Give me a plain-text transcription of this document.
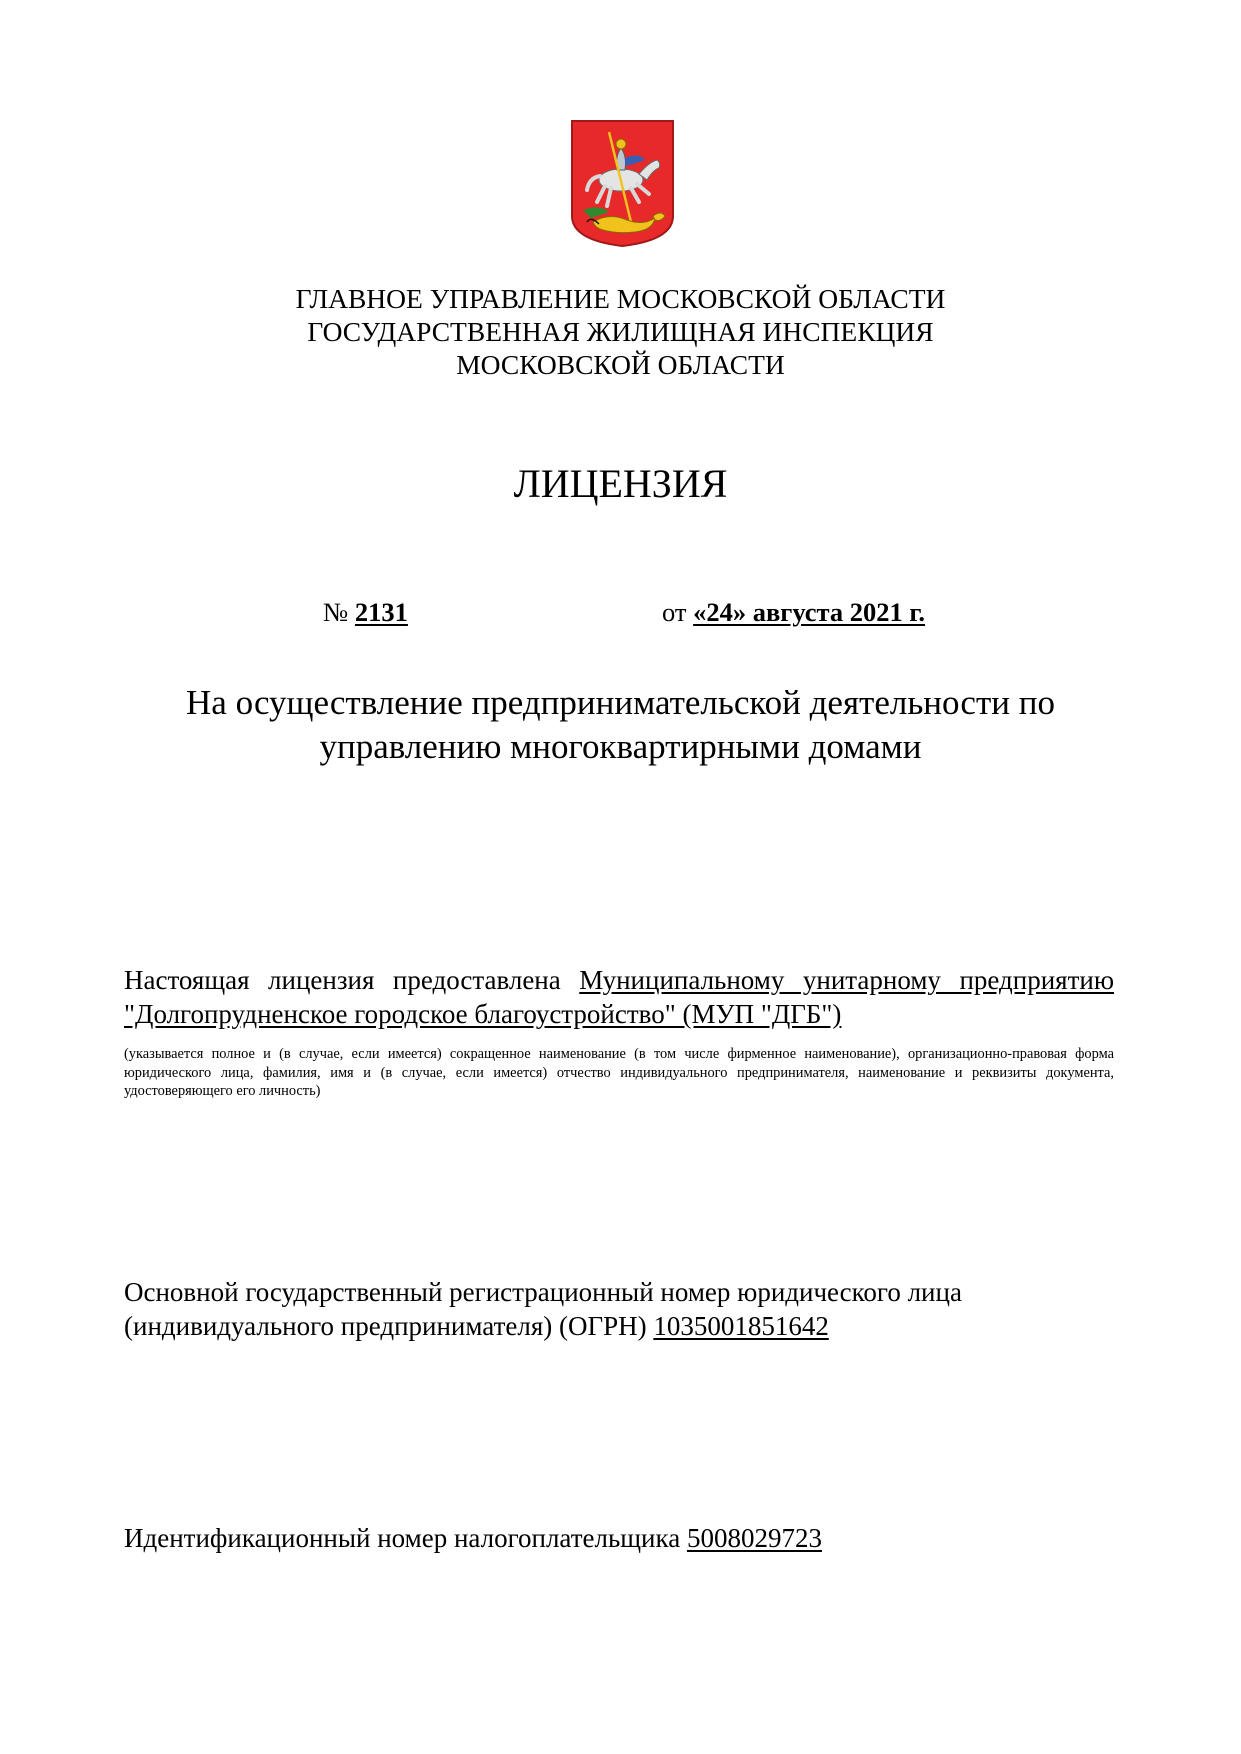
ГЛАВНОЕ УПРАВЛЕНИЕ МОСКОВСКОЙ ОБЛАСТИ
ГОСУДАРСТВЕННАЯ ЖИЛИЩНАЯ ИНСПЕКЦИЯ
МОСКОВСКОЙ ОБЛАСТИ
ЛИЦЕНЗИЯ
№ 2131	от «24» августа 2021 г.
На осуществление предпринимательской деятельности по
управлению многоквартирными домами
Настоящая лицензия предоставлена Муниципальному унитарному предприятию "Долгопрудненское городское благоустройство" (МУП "ДГБ")
(указывается полное и (в случае, если имеется) сокращенное наименование (в том числе фирменное наименование), организационно-правовая форма юридического лица, фамилия, имя и (в случае, если имеется) отчество индивидуального предпринимателя, наименование и реквизиты документа, удостоверяющего его личность)
Основной государственный регистрационный номер юридического лица (индивидуального предпринимателя) (ОГРН) 1035001851642
Идентификационный номер налогоплательщика 5008029723
